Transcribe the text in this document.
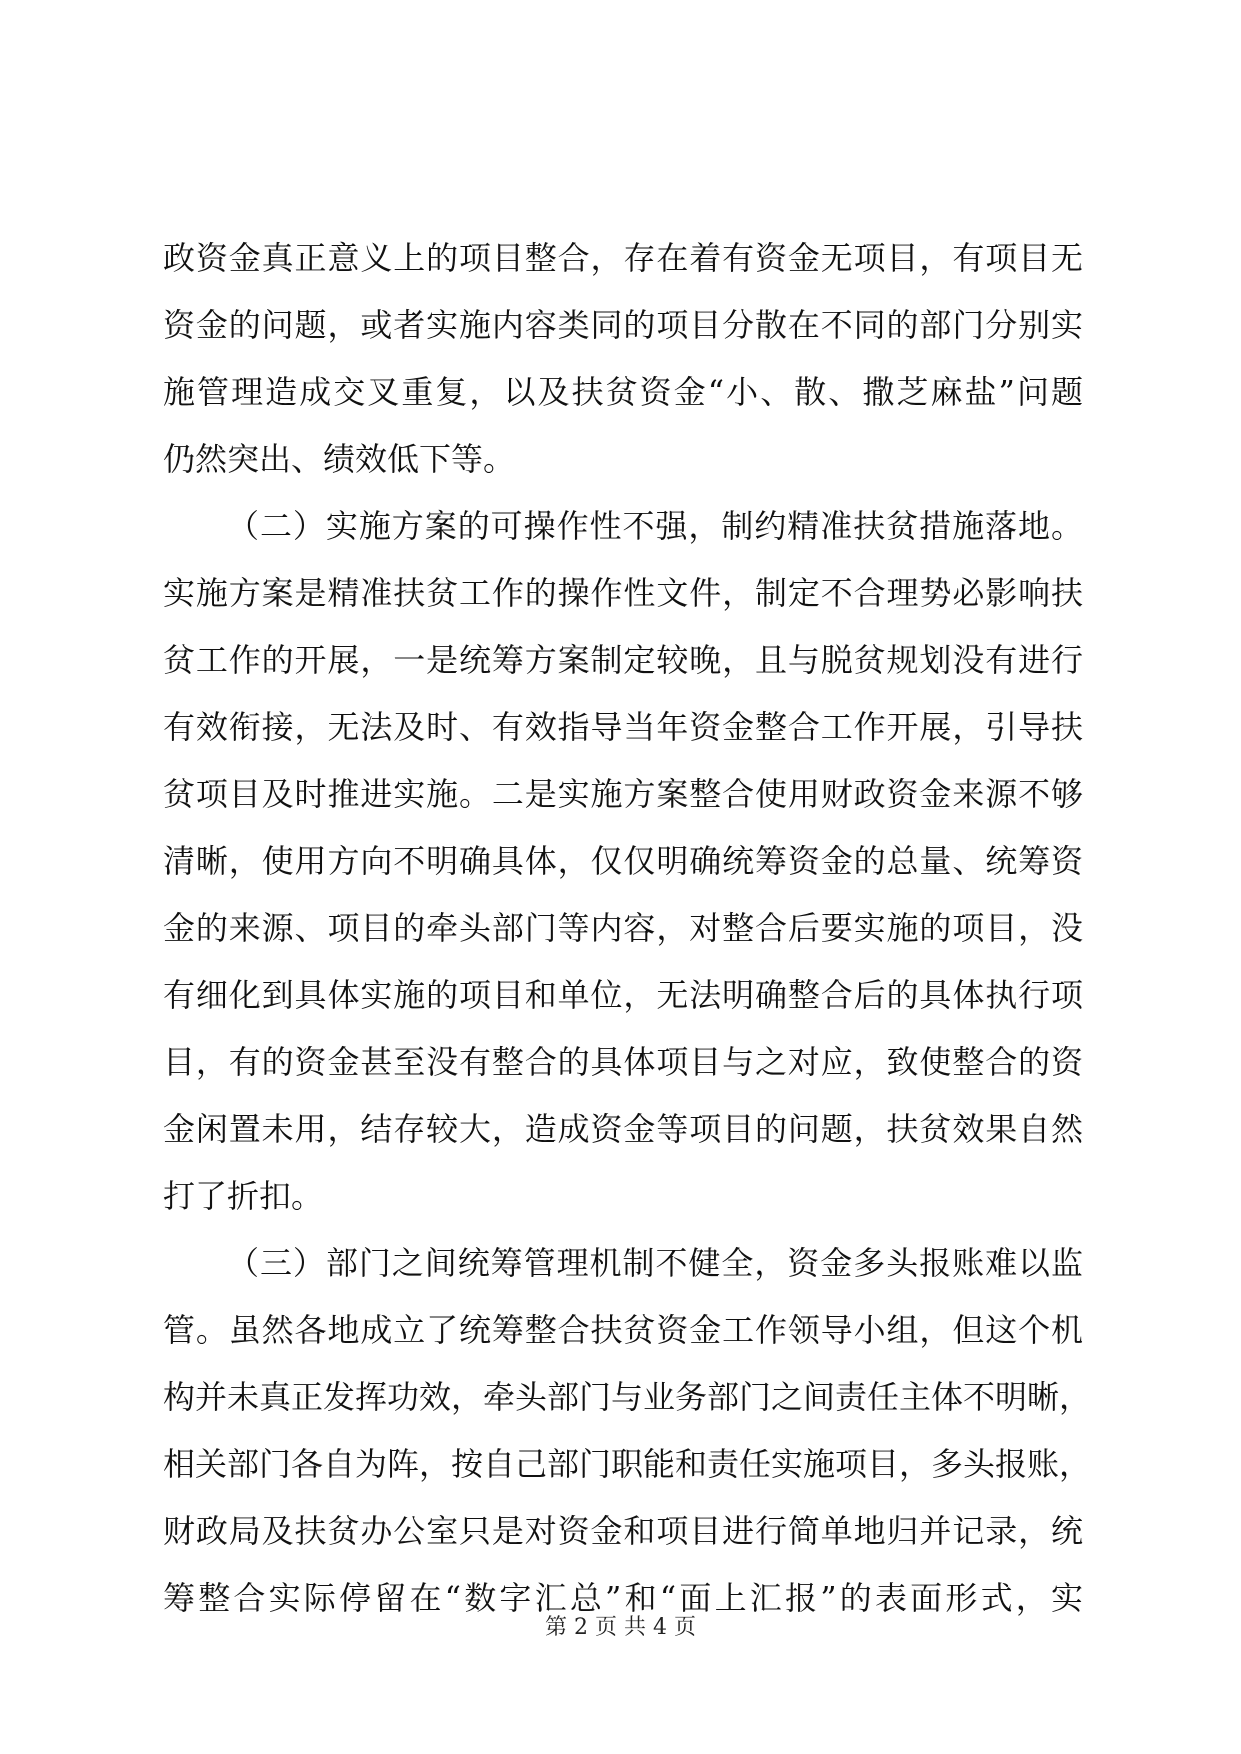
政资金真正意义上的项目整合，存在着有资金无项目，有项目无
资金的问题，或者实施内容类同的项目分散在不同的部门分别实
施管理造成交叉重复，以及扶贫资金“小、散、撒芝麻盐”问题
仍然突出、绩效低下等。
（二）实施方案的可操作性不强，制约精准扶贫措施落地。
实施方案是精准扶贫工作的操作性文件，制定不合理势必影响扶
贫工作的开展，一是统筹方案制定较晚，且与脱贫规划没有进行
有效衔接，无法及时、有效指导当年资金整合工作开展，引导扶
贫项目及时推进实施。二是实施方案整合使用财政资金来源不够
清晰，使用方向不明确具体，仅仅明确统筹资金的总量、统筹资
金的来源、项目的牵头部门等内容，对整合后要实施的项目，没
有细化到具体实施的项目和单位，无法明确整合后的具体执行项
目，有的资金甚至没有整合的具体项目与之对应，致使整合的资
金闲置未用，结存较大，造成资金等项目的问题，扶贫效果自然
打了折扣。
（三）部门之间统筹管理机制不健全，资金多头报账难以监
管。虽然各地成立了统筹整合扶贫资金工作领导小组，但这个机
构并未真正发挥功效，牵头部门与业务部门之间责任主体不明晰，
相关部门各自为阵，按自己部门职能和责任实施项目，多头报账，
财政局及扶贫办公室只是对资金和项目进行简单地归并记录，统
筹整合实际停留在“数字汇总”和“面上汇报”的表面形式，实
第 2 页 共 4 页
